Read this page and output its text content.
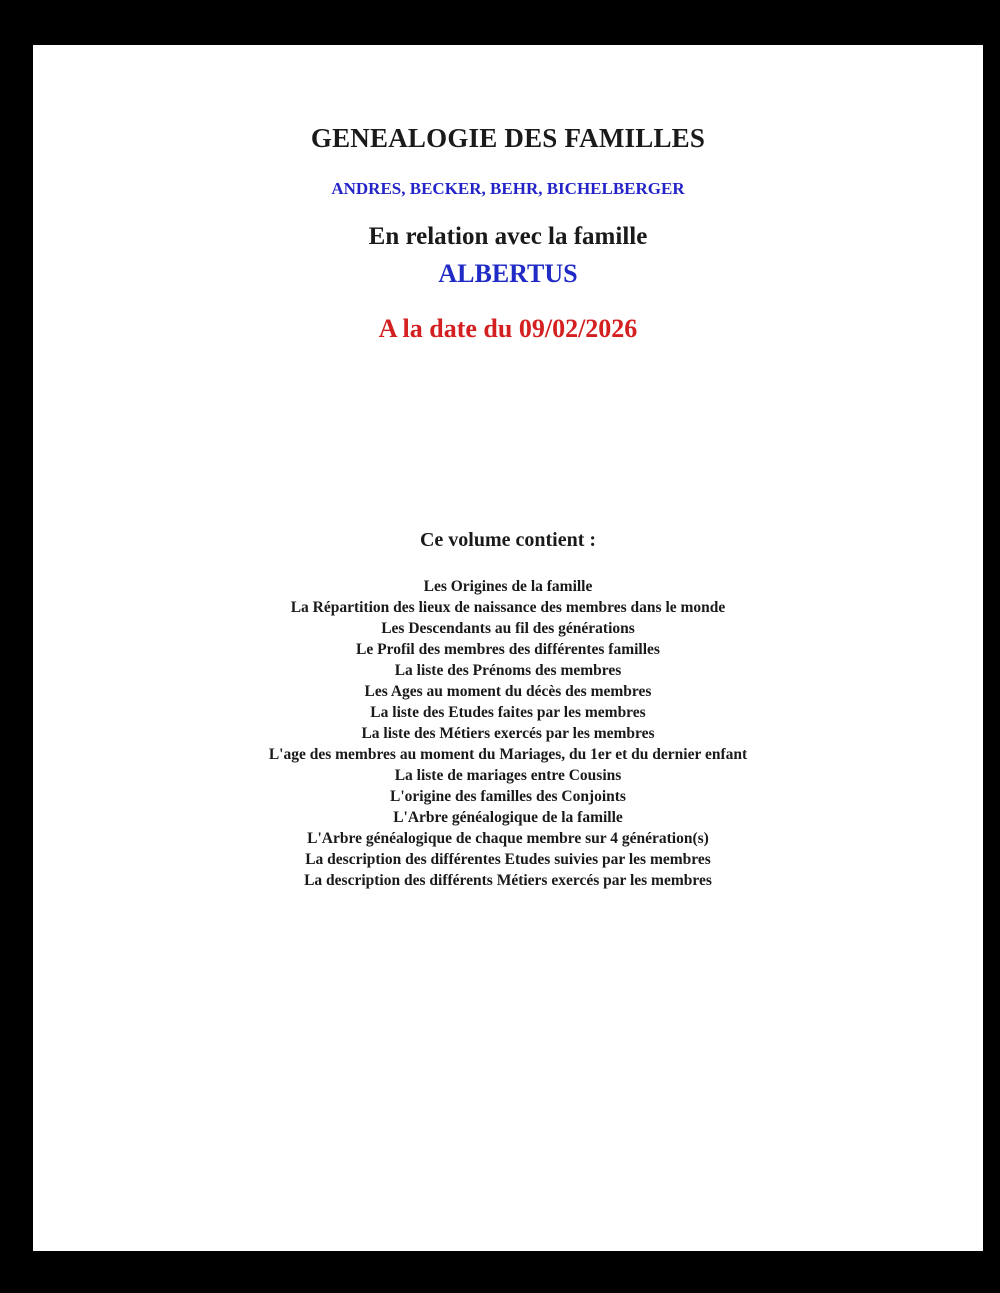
GENEALOGIE DES FAMILLES
ANDRES, BECKER, BEHR, BICHELBERGER
En relation avec la famille
ALBERTUS
A la date du 09/02/2026
Ce volume contient :
Les Origines de la famille
La Répartition des lieux de naissance des membres dans le monde
Les Descendants au fil des générations
Le Profil des membres des différentes familles
La liste des Prénoms des membres
Les Ages au moment du décès des membres
La liste des Etudes faites par les membres
La liste des Métiers exercés par les membres
L'age des membres au moment du Mariages, du 1er et du dernier enfant
La liste de mariages entre Cousins
L'origine des familles des Conjoints
L'Arbre généalogique de la famille
L'Arbre généalogique de chaque membre sur 4 génération(s)
La description des différentes Etudes suivies par les membres
La description des différents Métiers exercés par les membres
